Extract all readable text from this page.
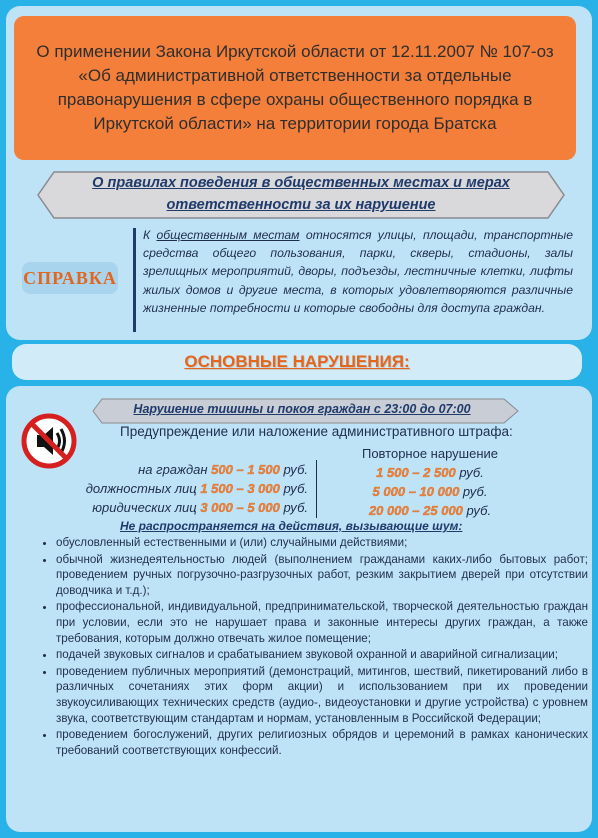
О применении Закона Иркутской области от 12.11.2007 № 107-оз «Об административной ответственности за отдельные правонарушения в сфере охраны общественного порядка в Иркутской области» на территории города Братска
О правилах поведения в общественных местах и мерах ответственности за их нарушение
СПРАВКА
К общественным местам относятся улицы, площади, транспортные средства общего пользования, парки, скверы, стадионы, залы зрелищных мероприятий, дворы, подъезды, лестничные клетки, лифты жилых домов и другие места, в которых удовлетворяются различные жизненные потребности и которые свободны для доступа граждан.
ОСНОВНЫЕ НАРУШЕНИЯ:
Нарушение тишины и покоя граждан с 23:00 до 07:00
Предупреждение или наложение административного штрафа:
на граждан 500 – 1 500 руб.
должностных лиц 1 500 – 3 000 руб.
юридических лиц 3 000 – 5 000 руб.
Повторное нарушение
1 500 – 2 500 руб.
5 000 – 10 000 руб.
20 000 – 25 000 руб.
Не распространяется на действия, вызывающие шум:
• обусловленный естественными и (или) случайными действиями;
• обычной жизнедеятельностью людей (выполнением гражданами каких-либо бытовых работ; проведением ручных погрузочно-разгрузочных работ, резким закрытием дверей при отсутствии доводчика и т.д.);
• профессиональной, индивидуальной, предпринимательской, творческой деятельностью граждан при условии, если это не нарушает права и законные интересы других граждан, а также требования, которым должно отвечать жилое помещение;
• подачей звуковых сигналов и срабатыванием звуковой охранной и аварийной сигнализации;
• проведением публичных мероприятий (демонстраций, митингов, шествий, пикетирований либо в различных сочетаниях этих форм акции) и использованием при их проведении звукоусиливающих технических средств (аудио-, видеоустановки и другие устройства) с уровнем звука, соответствующим стандартам и нормам, установленным в Российской Федерации;
• проведением богослужений, других религиозных обрядов и церемоний в рамках канонических требований соответствующих конфессий.
